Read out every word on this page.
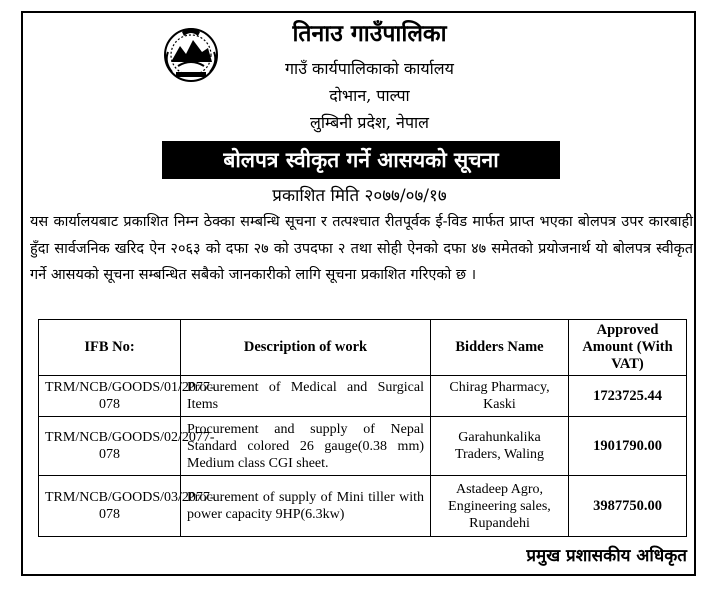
तिनाउ गाउँपालिका
गाउँ कार्यपालिकाको कार्यालय
दोभान, पाल्पा
लुम्बिनी प्रदेश, नेपाल
बोलपत्र स्वीकृत गर्ने आसयको सूचना
प्रकाशित मिति २०७७/०७/१७
यस कार्यालयबाट प्रकाशित निम्न ठेक्का सम्बन्धि सूचना र तत्पश्चात रीतपूर्वक ई-विड मार्फत प्राप्त भएका बोलपत्र उपर कारबाही हुँदा सार्वजनिक खरिद ऐन २०६३ को दफा २७ को उपदफा २ तथा सोही ऐनको दफा ४७ समेतको प्रयोजनार्थ यो बोलपत्र स्वीकृत गर्ने आसयको सूचना सम्बन्धित सबैको जानकारीको लागि सूचना प्रकाशित गरिएको छ ।
IFB No:	Description of work	Bidders Name	Approved Amount (With VAT)
TRM/NCB/GOODS/01/2077-078	Procurement of Medical and Surgical Items	Chirag Pharmacy, Kaski	1723725.44
TRM/NCB/GOODS/02/2077-078	Procurement and supply of Nepal Standard colored 26 gauge(0.38 mm) Medium class CGI sheet.	Garahunkalika Traders, Waling	1901790.00
TRM/NCB/GOODS/03/2077-078	Procurement of supply of Mini tiller with power capacity 9HP(6.3kw)	Astadeep Agro, Engineering sales, Rupandehi	3987750.00
प्रमुख प्रशासकीय अधिकृत
